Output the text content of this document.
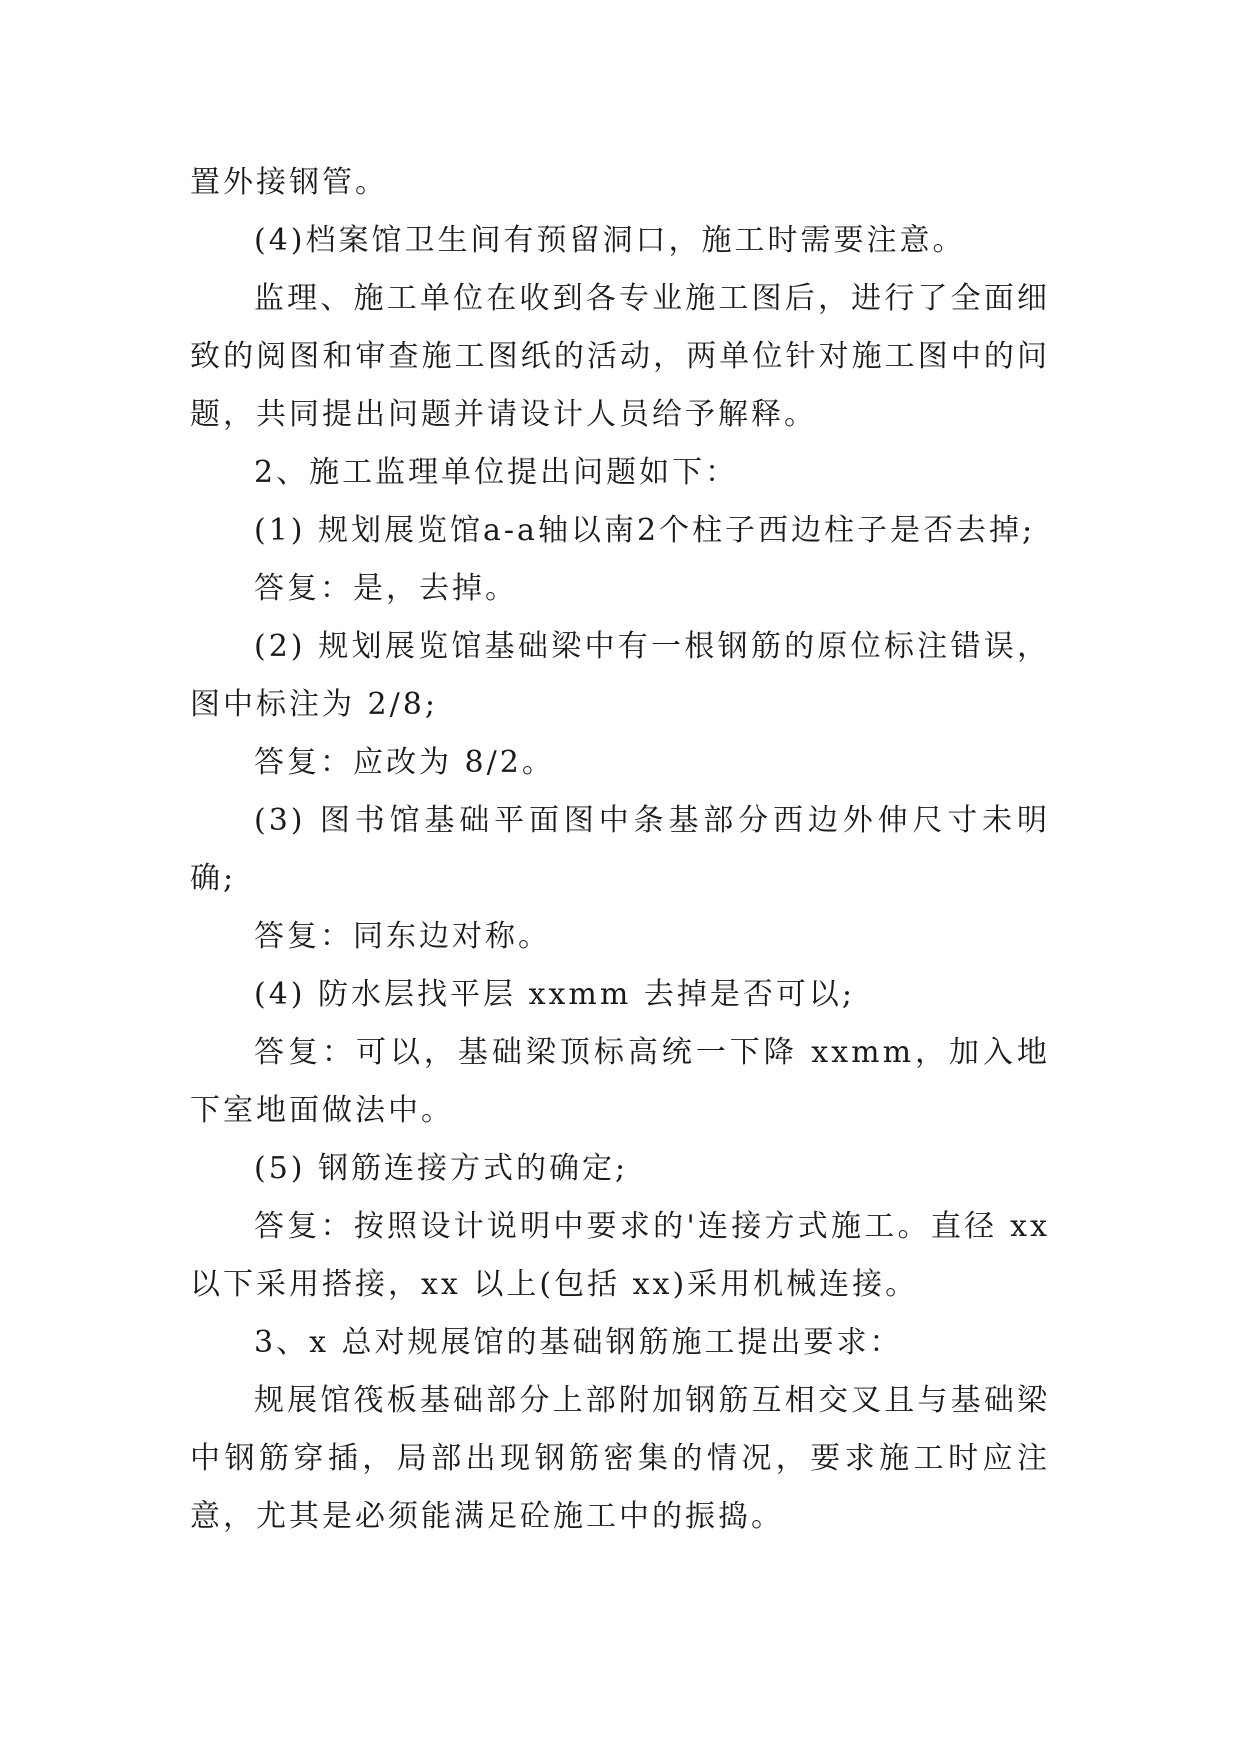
置外接钢管。

(4)档案馆卫生间有预留洞口，施工时需要注意。

监理、施工单位在收到各专业施工图后，进行了全面细致的阅图和审查施工图纸的活动，两单位针对施工图中的问题，共同提出问题并请设计人员给予解释。

2、施工监理单位提出问题如下：

(1) 规划展览馆a-a轴以南2个柱子西边柱子是否去掉;

答复：是，去掉。

(2) 规划展览馆基础梁中有一根钢筋的原位标注错误，图中标注为 2/8;

答复：应改为 8/2。

(3) 图书馆基础平面图中条基部分西边外伸尺寸未明确;

答复：同东边对称。

(4) 防水层找平层 xxmm 去掉是否可以;

答复：可以，基础梁顶标高统一下降 xxmm，加入地下室地面做法中。

(5) 钢筋连接方式的确定;

答复：按照设计说明中要求的'连接方式施工。直径 xx 以下采用搭接，xx 以上(包括 xx)采用机械连接。

3、x 总对规展馆的基础钢筋施工提出要求：

规展馆筏板基础部分上部附加钢筋互相交叉且与基础梁中钢筋穿插，局部出现钢筋密集的情况，要求施工时应注意，尤其是必须能满足砼施工中的振捣。
